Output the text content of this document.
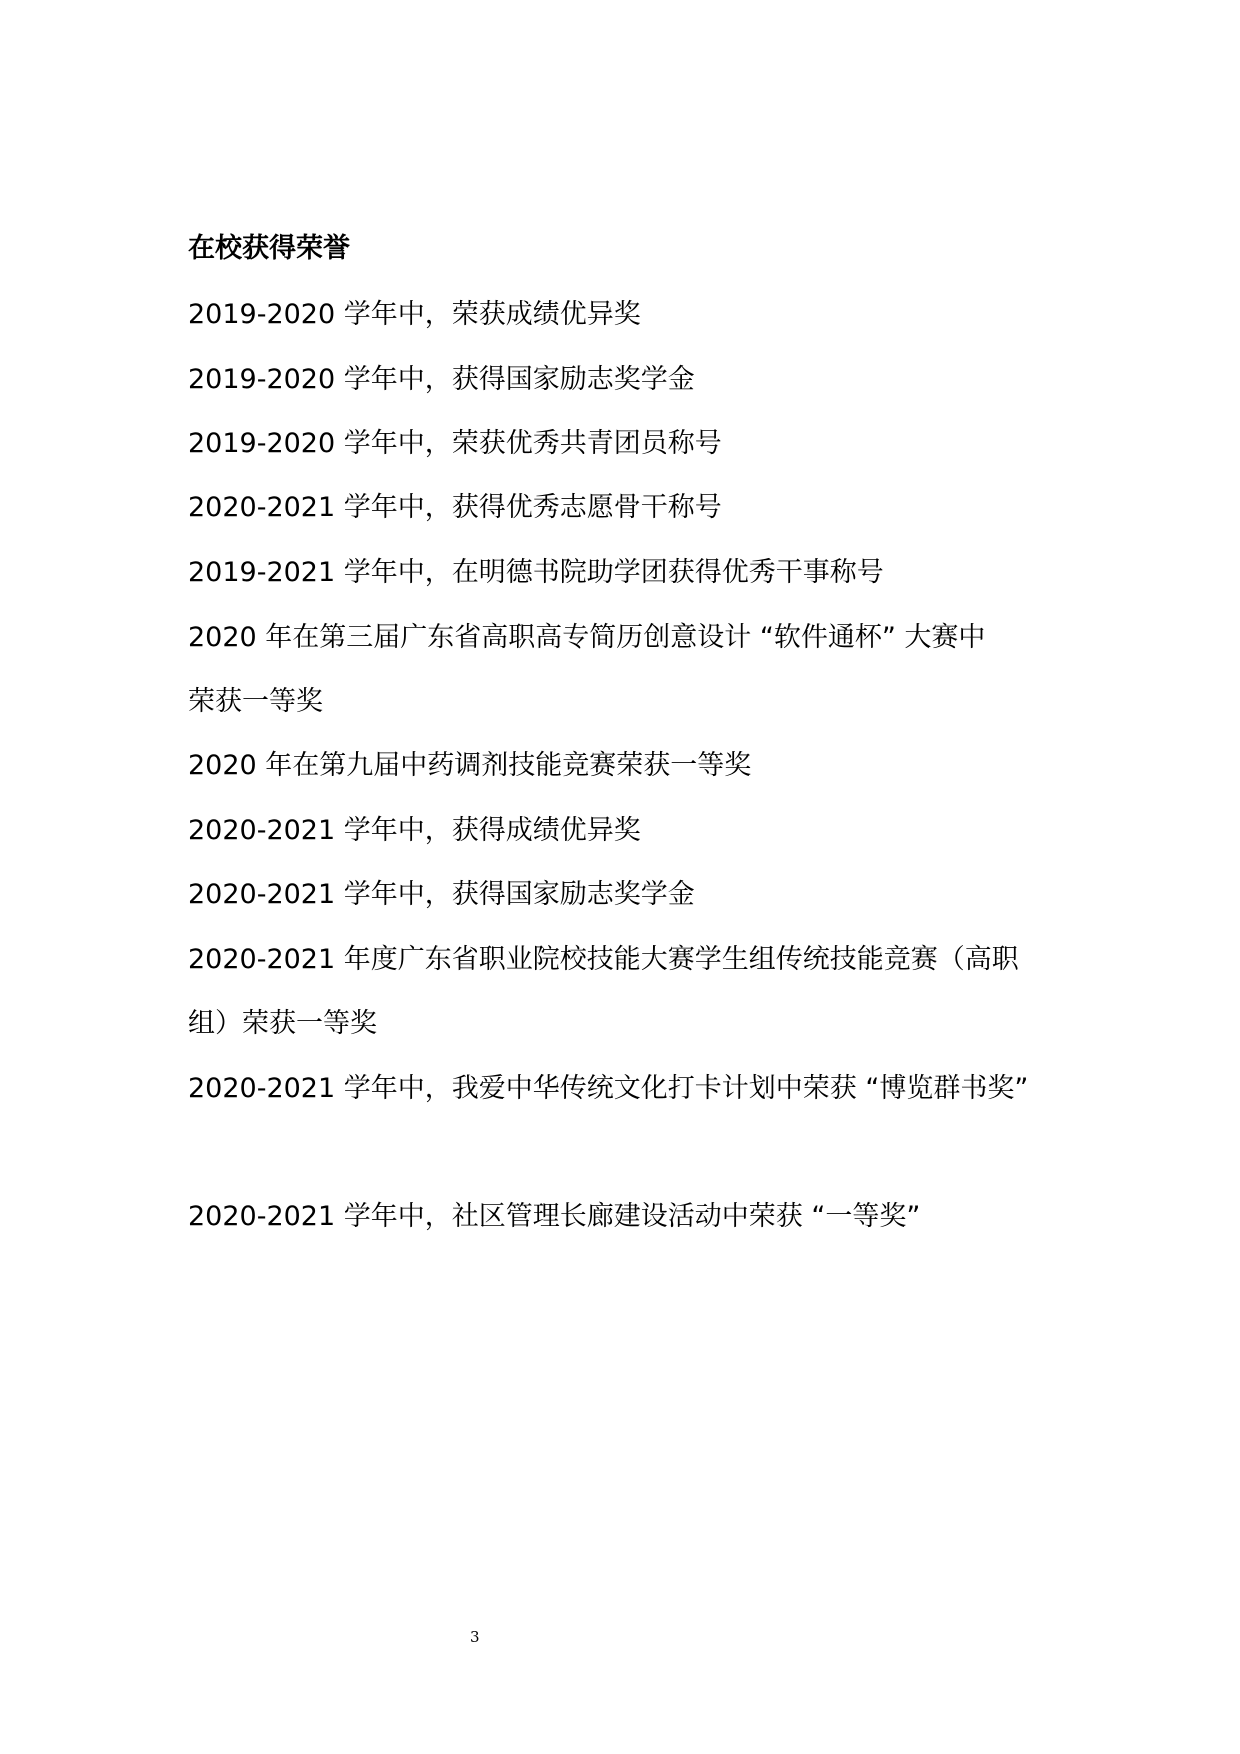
在校获得荣誉
2019-2020 学年中，荣获成绩优异奖
2019-2020 学年中，获得国家励志奖学金
2019-2020 学年中，荣获优秀共青团员称号
2020-2021 学年中，获得优秀志愿骨干称号
2019-2021 学年中，在明德书院助学团获得优秀干事称号
2020 年在第三届广东省高职高专简历创意设计 “软件通杯” 大赛中
荣获一等奖
2020 年在第九届中药调剂技能竞赛荣获一等奖
2020-2021 学年中，获得成绩优异奖
2020-2021 学年中，获得国家励志奖学金
2020-2021 年度广东省职业院校技能大赛学生组传统技能竞赛（高职
组）荣获一等奖
2020-2021 学年中，我爱中华传统文化打卡计划中荣获 “博览群书奖”
2020-2021 学年中，社区管理长廊建设活动中荣获 “一等奖”
3
